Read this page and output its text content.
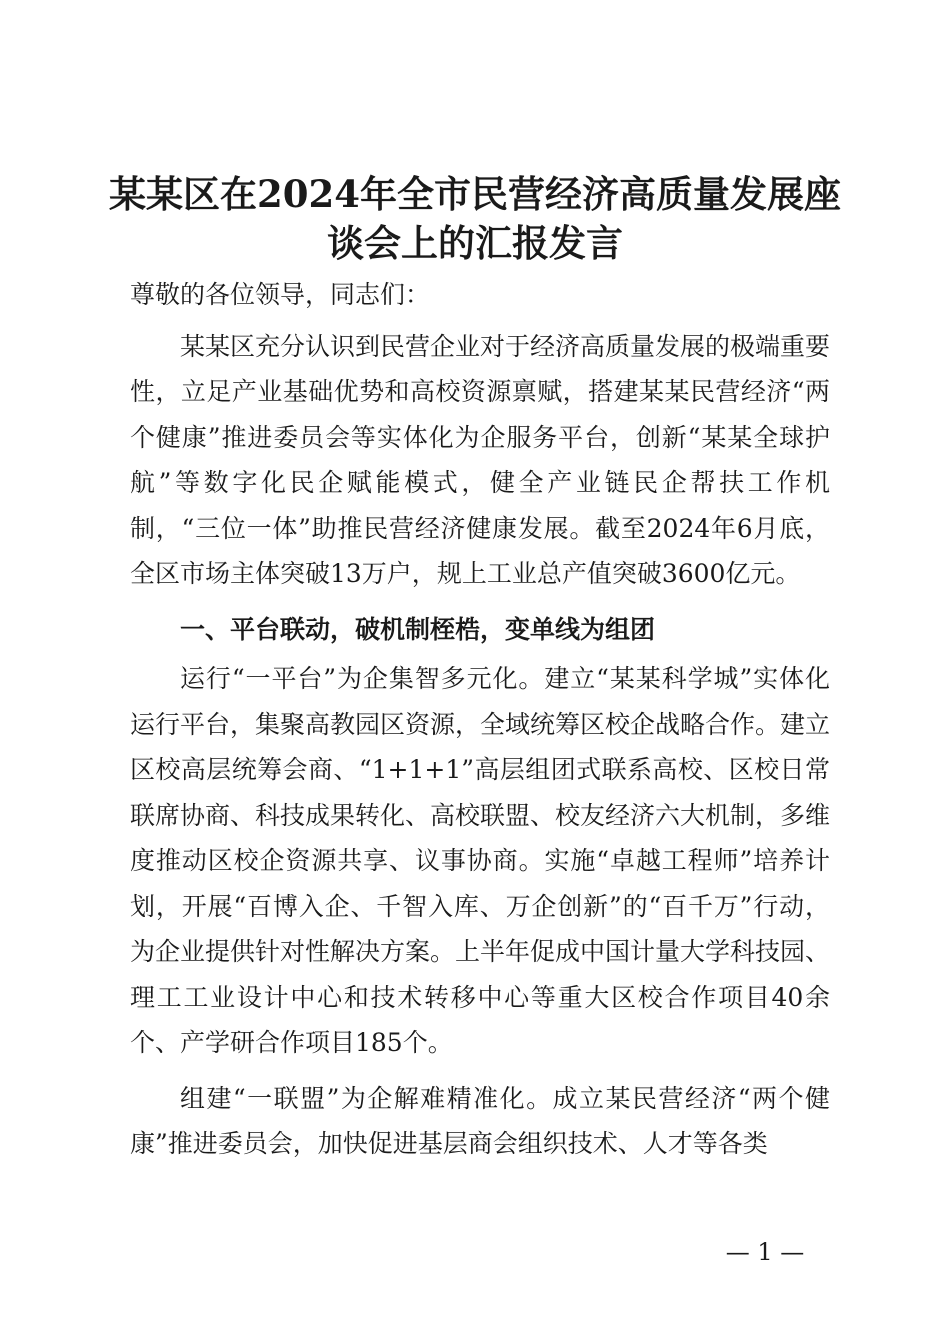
某某区在2024年全市民营经济高质量发展座
谈会上的汇报发言

尊敬的各位领导，同志们：

某某区充分认识到民营企业对于经济高质量发展的极端重要性，立足产业基础优势和高校资源禀赋，搭建某某民营经济“两个健康”推进委员会等实体化为企服务平台，创新“某某全球护航”等数字化民企赋能模式，健全产业链民企帮扶工作机制，“三位一体”助推民营经济健康发展。截至2024年6月底，全区市场主体突破13万户，规上工业总产值突破3600亿元。

一、平台联动，破机制桎梏，变单线为组团

运行“一平台”为企集智多元化。建立“某某科学城”实体化运行平台，集聚高教园区资源，全域统筹区校企战略合作。建立区校高层统筹会商、“1+1+1”高层组团式联系高校、区校日常联席协商、科技成果转化、高校联盟、校友经济六大机制，多维度推动区校企资源共享、议事协商。实施“卓越工程师”培养计划，开展“百博入企、千智入库、万企创新”的“百千万”行动，为企业提供针对性解决方案。上半年促成中国计量大学科技园、理工工业设计中心和技术转移中心等重大区校合作项目40余个、产学研合作项目185个。

组建“一联盟”为企解难精准化。成立某民营经济“两个健康”推进委员会，加快促进基层商会组织技术、人才等各类

— 1 —
